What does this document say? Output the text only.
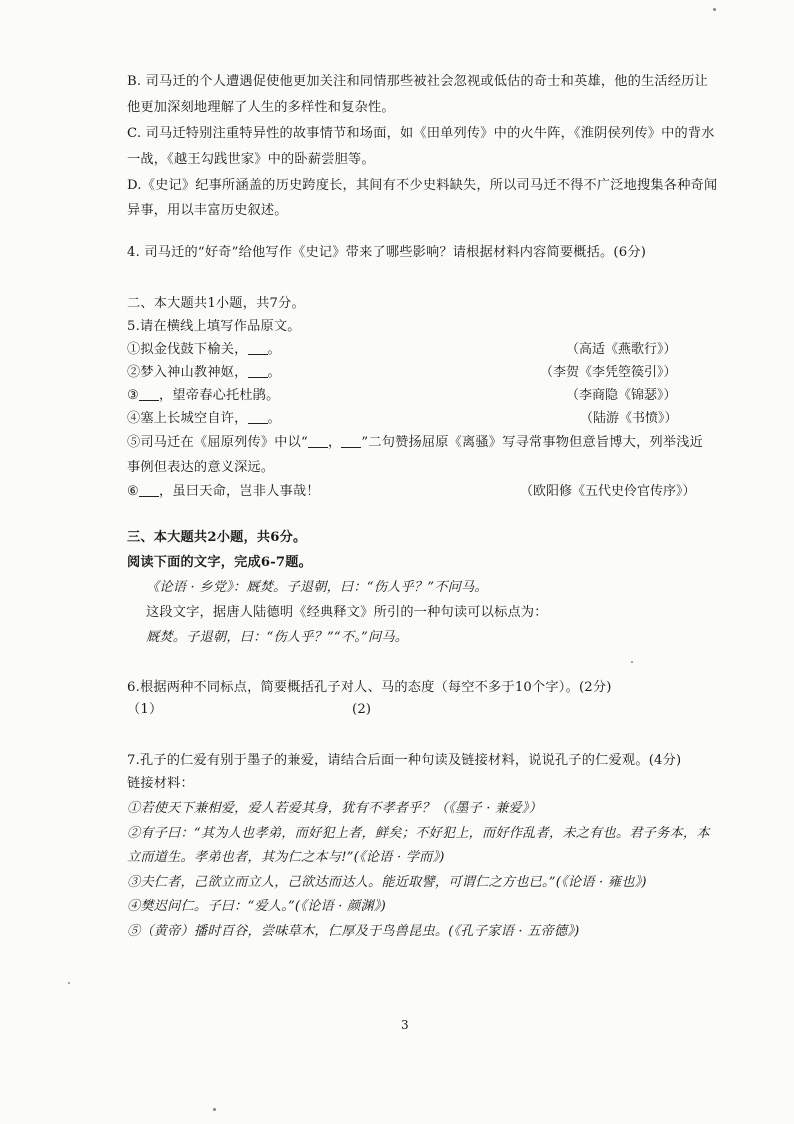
B. 司马迁的个人遭遇促使他更加关注和同情那些被社会忽视或低估的奇士和英雄，他的生活经历让
他更加深刻地理解了人生的多样性和复杂性。
C. 司马迁特别注重特异性的故事情节和场面，如《田单列传》中的火牛阵，《淮阴侯列传》中的背水
一战，《越王勾践世家》中的卧薪尝胆等。
D.《史记》纪事所涵盖的历史跨度长，其间有不少史料缺失，所以司马迁不得不广泛地搜集各种奇闻
异事，用以丰富历史叙述。
4. 司马迁的“好奇”给他写作《史记》带来了哪些影响？请根据材料内容简要概括。(6分)
二、本大题共1小题，共7分。
5.请在横线上填写作品原文。
①拟金伐鼓下榆关， 。	（高适《燕歌行》）
②梦入神山教神妪， 。	（李贺《李凭箜篌引》）
③ ，望帝春心托杜鹃。	（李商隐《锦瑟》）
④塞上长城空自许， 。	（陆游《书愤》）
⑤司马迁在《屈原列传》中以“ ， ”二句赞扬屈原《离骚》写寻常事物但意旨博大，列举浅近
事例但表达的意义深远。
⑥ ，虽曰天命，岂非人事哉！	（欧阳修《五代史伶官传序》）
三、本大题共2小题，共6分。
阅读下面的文字，完成6-7题。
《论语 · 乡党》：厩焚。子退朝，曰：“伤人乎？”不问马。
这段文字，据唐人陆德明《经典释文》所引的一种句读可以标点为：
厩焚。子退朝，曰：“伤人乎？”“不。”问马。
6.根据两种不同标点，简要概括孔子对人、马的态度（每空不多于10个字）。(2分)
（1）	(2)
7.孔子的仁爱有别于墨子的兼爱，请结合后面一种句读及链接材料，说说孔子的仁爱观。(4分)
链接材料：
①若使天下兼相爱，爱人若爱其身，犹有不孝者乎？（《墨子 · 兼爱》）
②有子曰：“其为人也孝弟，而好犯上者，鲜矣；不好犯上，而好作乱者，未之有也。君子务本，本
立而道生。孝弟也者，其为仁之本与!”(《论语 · 学而》)
③夫仁者，己欲立而立人，己欲达而达人。能近取譬，可谓仁之方也已。”(《论语 · 雍也》)
④樊迟问仁。子曰：“爱人。”(《论语 · 颜渊》)
⑤（黄帝）播时百谷，尝味草木，仁厚及于鸟兽昆虫。(《孔子家语 · 五帝德》)
3
